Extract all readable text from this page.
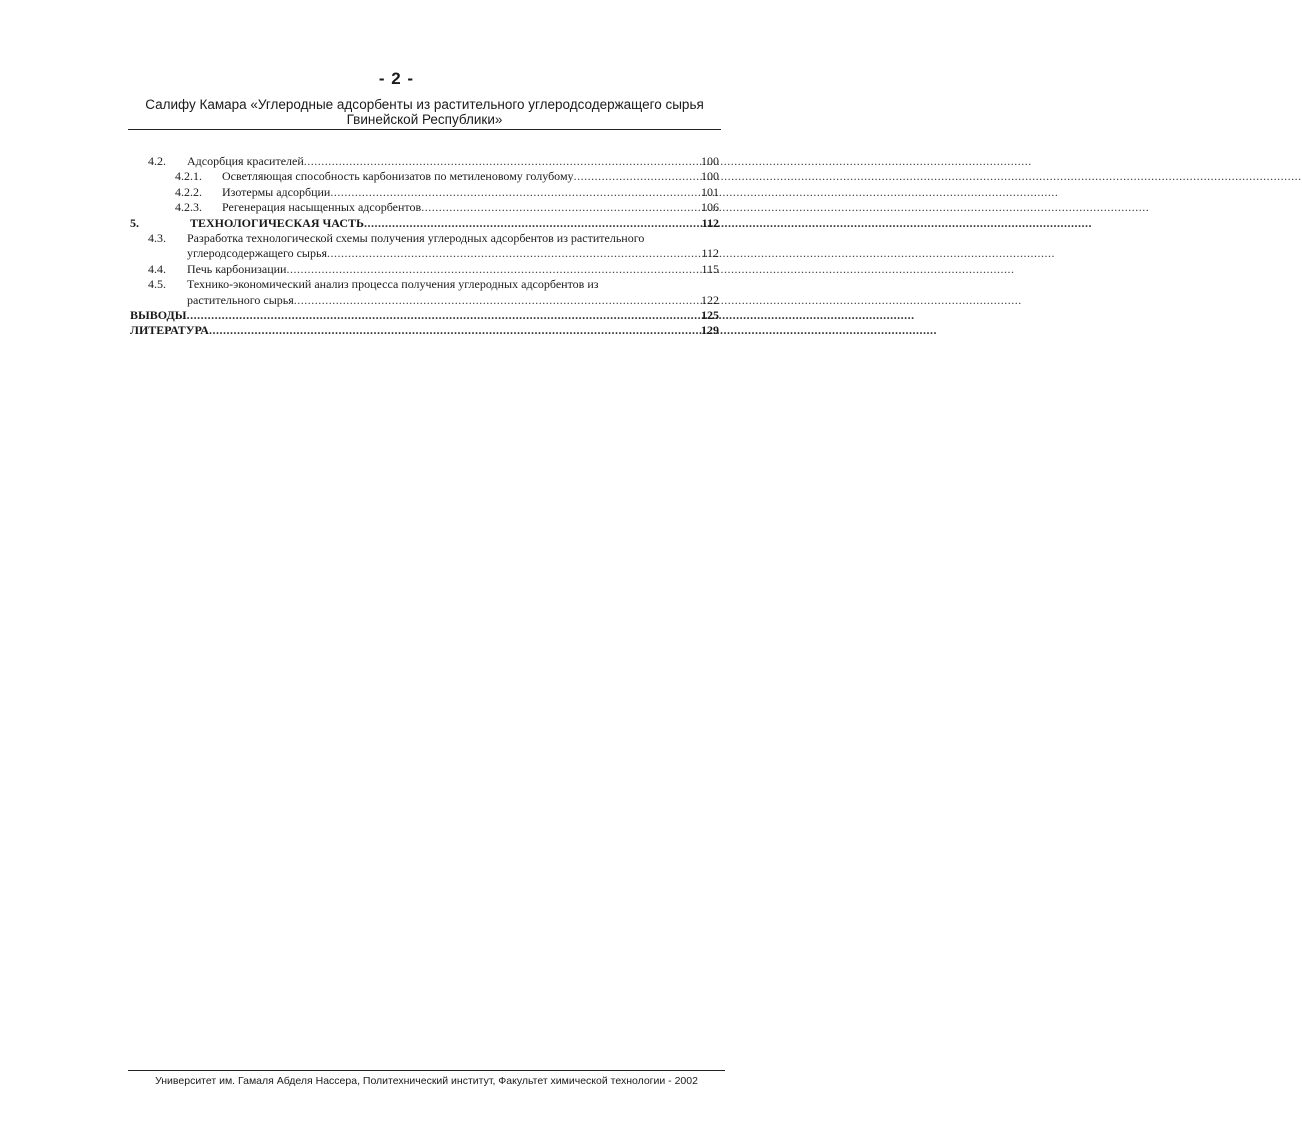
- 2 -
Салифу Камара «Углеродные адсорбенты из растительного углеродсодержащего сырья
Гвинейской Республики»
4.2.	Адсорбция красителей .....	100
4.2.1.	Осветляющая способность карбонизатов по метиленовому голубому .....	100
4.2.2.	Изотермы адсорбции .....	101
4.2.3.	Регенерация насыщенных адсорбентов .....	106
5.	ТЕХНОЛОГИЧЕСКАЯ ЧАСТЬ .....	112
4.3.	Разработка технологической схемы получения углеродных адсорбентов из растительного
углеродсодержащего сырья .....	112
4.4.	Печь карбонизации .....	115
4.5.	Технико-экономический анализ процесса получения углеродных адсорбентов из
растительного сырья .....	122
ВЫВОДЫ .....	125
ЛИТЕРАТУРА .....	129
Университет им. Гамаля Абделя Нассера, Политехнический институт, Факультет химической технологии - 2002
